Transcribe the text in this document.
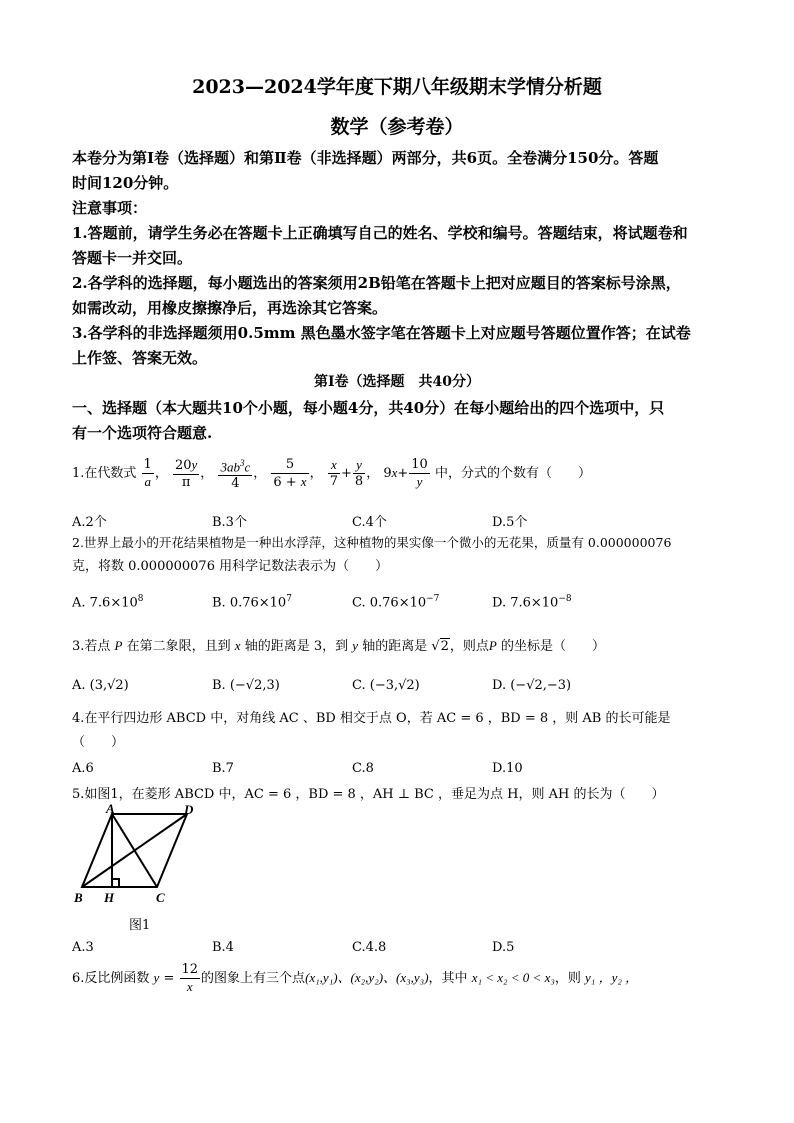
2023—2024学年度下期八年级期末学情分析题
数学（参考卷）
本卷分为第Ⅰ卷（选择题）和第Ⅱ卷（非选择题）两部分，共6页。全卷满分150分。答题
时间120分钟。
注意事项：
1.答题前，请学生务必在答题卡上正确填写自己的姓名、学校和编号。答题结束，将试题卷和
答题卡一并交回。
2.各学科的选择题，每小题选出的答案须用2B铅笔在答题卡上把对应题目的答案标号涂黑，
如需改动，用橡皮擦擦净后，再选涂其它答案。
3.各学科的非选择题须用0.5mm 黑色墨水签字笔在答题卡上对应题号答题位置作答；在试卷
上作签、答案无效。
第Ⅰ卷（选择题　共40分）
一、选择题（本大题共10个小题，每小题4分，共40分）在每小题给出的四个选项中，只
有一个选项符合题意.
1.在代数式 $\frac{1}{a}$ ， $\frac{20y}{\pi}$ ， $\frac{3ab^3c}{4}$ ， $\frac{5}{6 + x}$ ， $\frac{x}{7} + \frac{y}{8}$ ， $9x+ \frac{10}{y}$ 中，分式的个数有（　　）
A.2个	B.3个	C.4个	D.5个
2.世界上最小的开花结果植物是一种出水浮萍，这种植物的果实像一个微小的无花果，质量有 0.000000076
克，将数 0.000000076 用科学记数法表示为（　　）
A. $7.6\times 10^8$	B. $0.76\times 10^7$	C. $0.76\times 10^{-7}$	D. $7.6\times 10^{-8}$
3.若点 P 在第二象限，且到 x 轴的距离是 3，到 y 轴的距离是 √2，则点P 的坐标是（　　）
A. (3,√2)	B. (−√2,3)	C. (−3,√2)	D. (−√2,−3)
4.在平行四边形 ABCD 中，对角线 AC 、BD 相交于点 O，若 AC = 6 ，BD = 8 ，则 AB 的长可能是
（　　）
A.6	B.7	C.8	D.10
5.如图1，在菱形 ABCD 中，AC = 6 ，BD = 8 ，AH ⊥ BC ，垂足为点 H，则 AH 的长为（　　）
A	D
B H	C
图1
A.3	B.4	C.4.8	D.5
6.反比例函数 $y = \frac{12}{x}$ 的图象上有三个点(x₁,y₁)、(x₂,y₂)、(x₃,y₃)，其中 x₁ < x₂ < 0 < x₃，则 y₁ ，y₂ ，
